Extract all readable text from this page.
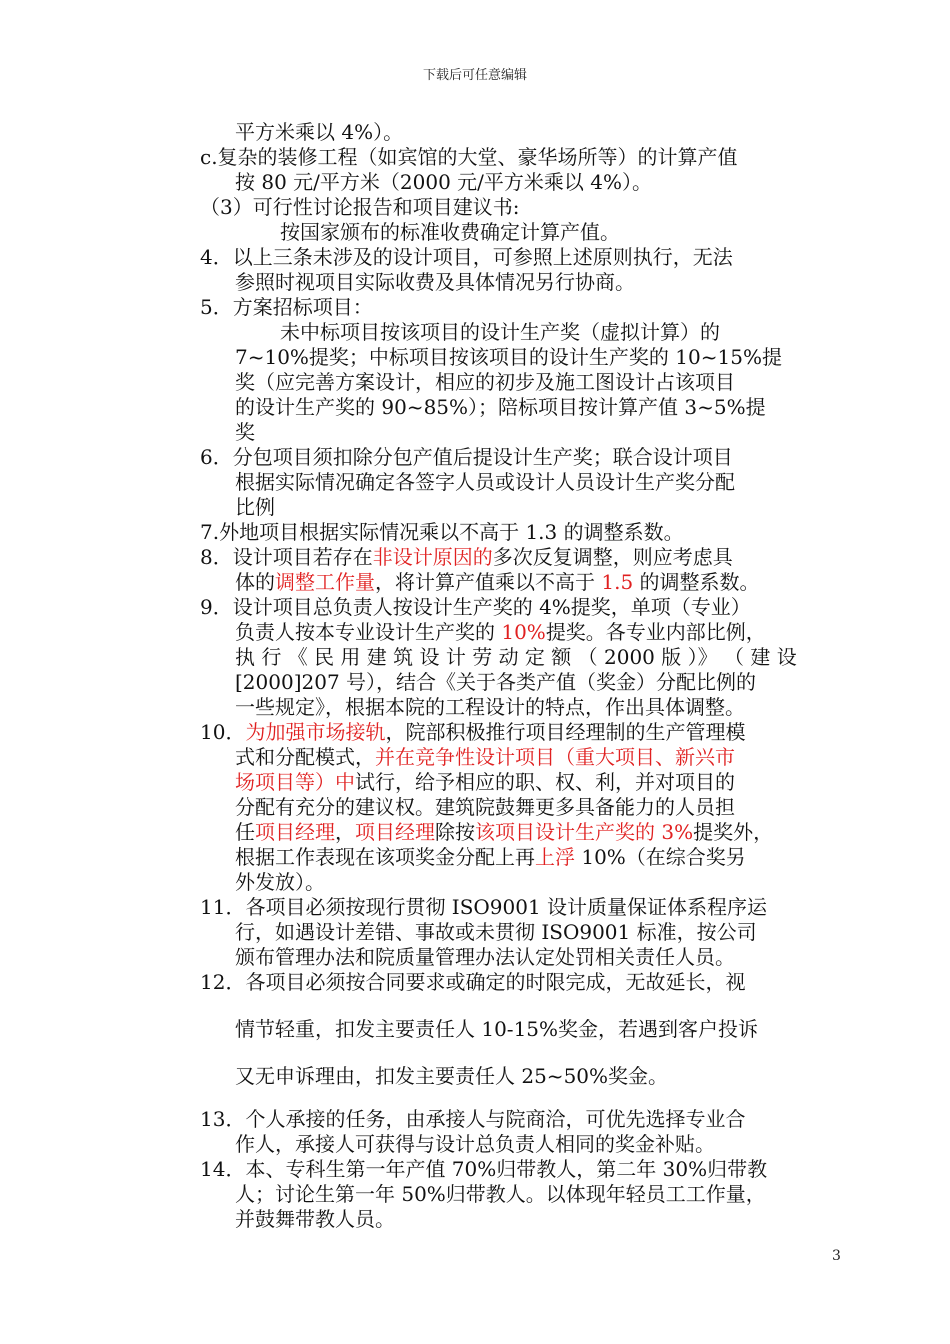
下载后可任意编辑
平方米乘以 4%）。
c.复杂的装修工程（如宾馆的大堂、豪华场所等）的计算产值
按 80 元/平方米（2000 元/平方米乘以 4%）。
（3）可行性讨论报告和项目建议书:
按国家颁布的标准收费确定计算产值。
4．以上三条未涉及的设计项目，可参照上述原则执行，无法
参照时视项目实际收费及具体情况另行协商。
5．方案招标项目：
未中标项目按该项目的设计生产奖（虚拟计算）的
7~10%提奖；中标项目按该项目的设计生产奖的 10~15%提
奖（应完善方案设计，相应的初步及施工图设计占该项目
的设计生产奖的 90~85%）；陪标项目按计算产值 3~5%提
奖
6．分包项目须扣除分包产值后提设计生产奖；联合设计项目
根据实际情况确定各签字人员或设计人员设计生产奖分配
比例
7.外地项目根据实际情况乘以不高于 1.3 的调整系数。
8．设计项目若存在非设计原因的多次反复调整，则应考虑具
体的调整工作量，将计算产值乘以不高于 1.5 的调整系数。
9．设计项目总负责人按设计生产奖的 4%提奖，单项（专业）
负责人按本专业设计生产奖的 10%提奖。各专业内部比例，
执 行 《 民 用 建 筑 设 计 劳 动 定 额 （ 2000 版 ）》 （ 建 设
[2000]207 号），结合《关于各类产值（奖金）分配比例的
一些规定》，根据本院的工程设计的特点，作出具体调整。
10．为加强市场接轨，院部积极推行项目经理制的生产管理模
式和分配模式，并在竞争性设计项目（重大项目、新兴市
场项目等）中试行，给予相应的职、权、利，并对项目的
分配有充分的建议权。建筑院鼓舞更多具备能力的人员担
任项目经理，项目经理除按该项目设计生产奖的 3%提奖外，
根据工作表现在该项奖金分配上再上浮 10%（在综合奖另
外发放）。
11．各项目必须按现行贯彻 ISO9001 设计质量保证体系程序运
行，如遇设计差错、事故或未贯彻 ISO9001 标准，按公司
颁布管理办法和院质量管理办法认定处罚相关责任人员。
12．各项目必须按合同要求或确定的时限完成，无故延长，视
情节轻重，扣发主要责任人 10-15%奖金，若遇到客户投诉
又无申诉理由，扣发主要责任人 25~50%奖金。
13．个人承接的任务，由承接人与院商洽，可优先选择专业合
作人，承接人可获得与设计总负责人相同的奖金补贴。
14．本、专科生第一年产值 70%归带教人，第二年 30%归带教
人；讨论生第一年 50%归带教人。以体现年轻员工工作量，
并鼓舞带教人员。
3
